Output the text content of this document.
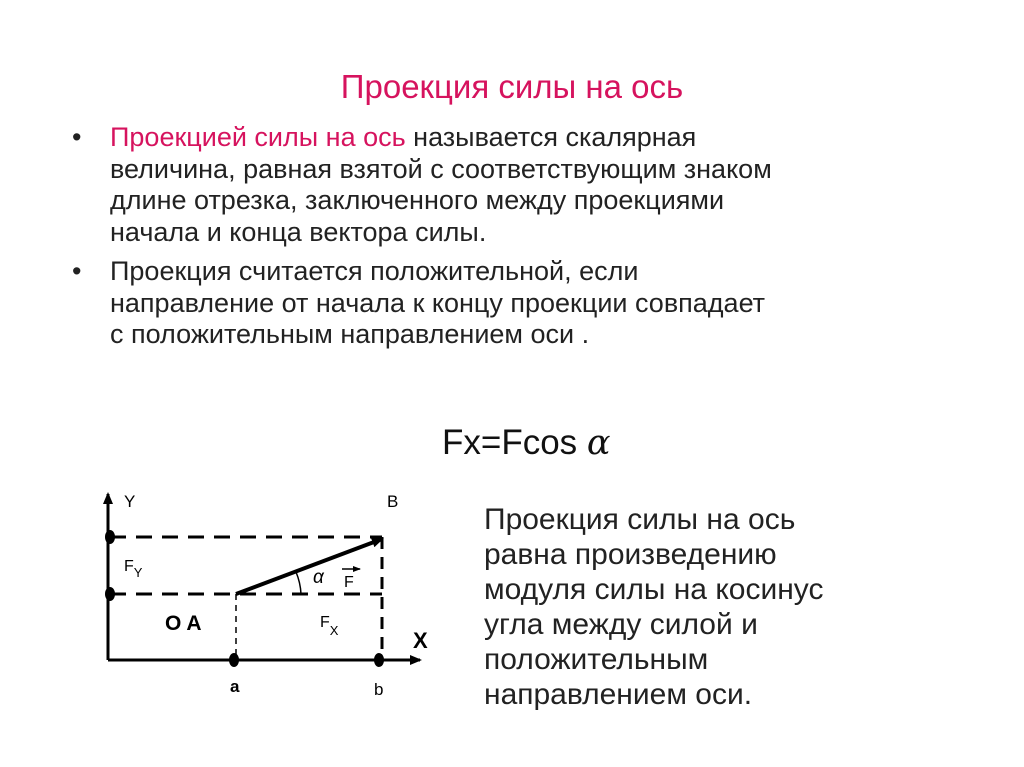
Проекция силы на ось
• Проекцией силы на ось называется скалярная
величина, равная взятой с соответствующим знаком
длине отрезка, заключенного между проекциями
начала и конца вектора силы.
• Проекция считается положительной, если
направление от начала к концу проекции совпадает
с положительным направлением оси .
Fx=Fcos α
Проекция силы на ось
равна произведению
модуля силы на косинус
угла между силой и
положительным
направлением оси.
Y	B
$F_Y$	α F
O A	$F_X$	X
a	b
